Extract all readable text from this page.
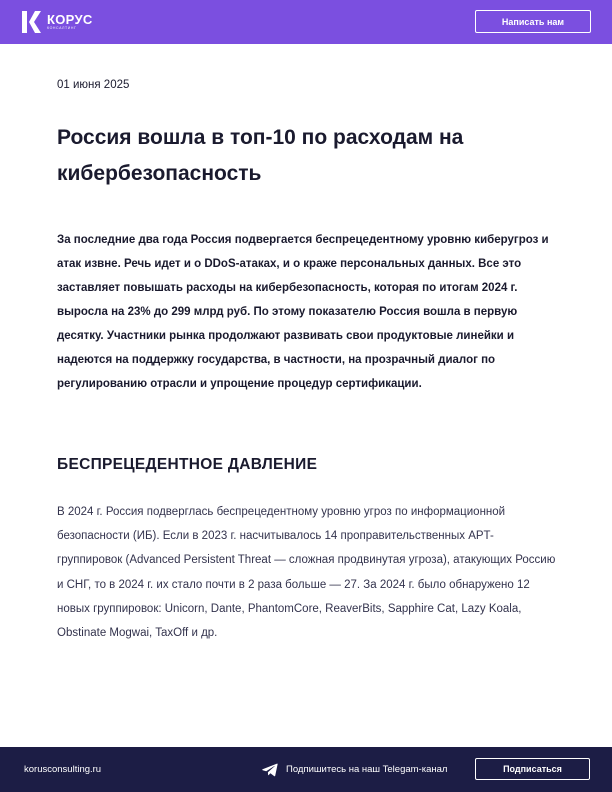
КОРУС
КОНСАЛТИНГ
Написать нам
01 июня 2025
Россия вошла в топ-10 по расходам на кибербезопасность

За последние два года Россия подвергается беспрецедентному уровню киберугроз и атак извне. Речь идет и о DDoS-атаках, и о краже персональных данных. Все это заставляет повышать расходы на кибербезопасность, которая по итогам 2024 г. выросла на 23% до 299 млрд руб. По этому показателю Россия вошла в первую десятку. Участники рынка продолжают развивать свои продуктовые линейки и надеются на поддержку государства, в частности, на прозрачный диалог по регулированию отрасли и упрощение процедур сертификации.

БЕСПРЕЦЕДЕНТНОЕ ДАВЛЕНИЕ

В 2024 г. Россия подверглась беспрецедентному уровню угроз по информационной безопасности (ИБ). Если в 2023 г. насчитывалось 14 проправительственных APT-группировок (Advanced Persistent Threat — сложная продвинутая угроза), атакующих Россию и СНГ, то в 2024 г. их стало почти в 2 раза больше — 27. За 2024 г. было обнаружено 12 новых группировок: Unicorn, Dante, PhantomCore, ReaverBits, Sapphire Cat, Lazy Koala, Obstinate Mogwai, TaxOff и др.

korusconsulting.ru	Подпишитесь на наш Telegam-канал	Подписаться
